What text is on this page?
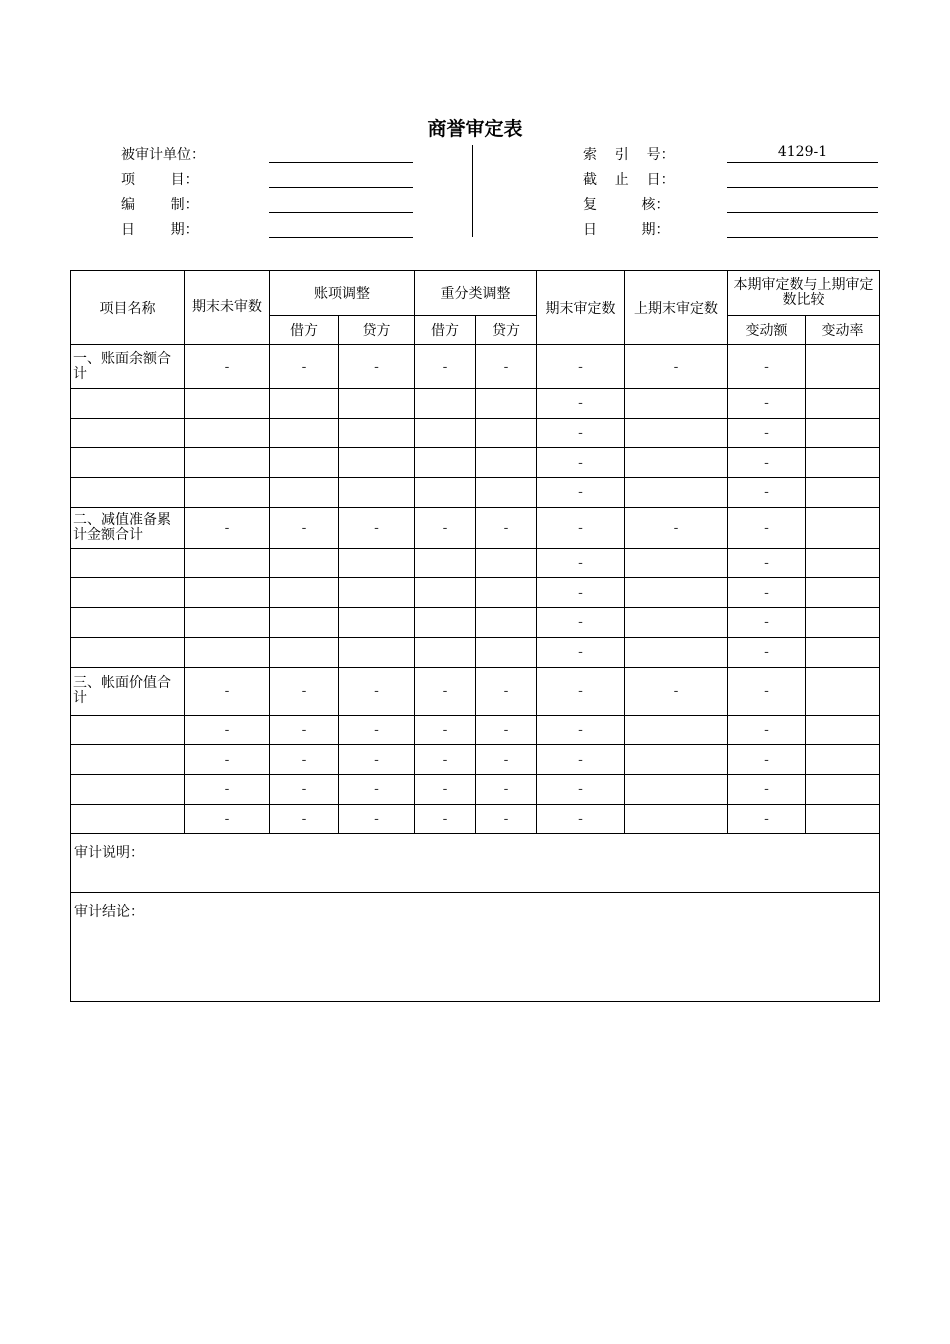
商誉审定表
被审计单位：
项        目：
编        制：
日        期：
索    引    号：	4129-1
截    止    日：
复          核：
日          期：
项目名称	期末未审数	账项调整		重分类调整		期末审定数	上期末审定数	本期审定数与上期审定数比较	
		借方	贷方	借方	贷方			变动额	变动率
一、账面余额合计	-	-	-	-	-	-	-	-	
						-		-	
						-		-	
						-		-	
						-		-	
二、减值准备累计金额合计	-	-	-	-	-	-	-	-	
						-		-	
						-		-	
						-		-	
						-		-	
三、帐面价值合计	-	-	-	-	-	-	-	-	
	-	-	-	-	-	-		-	
	-	-	-	-	-	-		-	
	-	-	-	-	-	-		-	
	-	-	-	-	-	-		-	
审计说明：									
审计结论：									
